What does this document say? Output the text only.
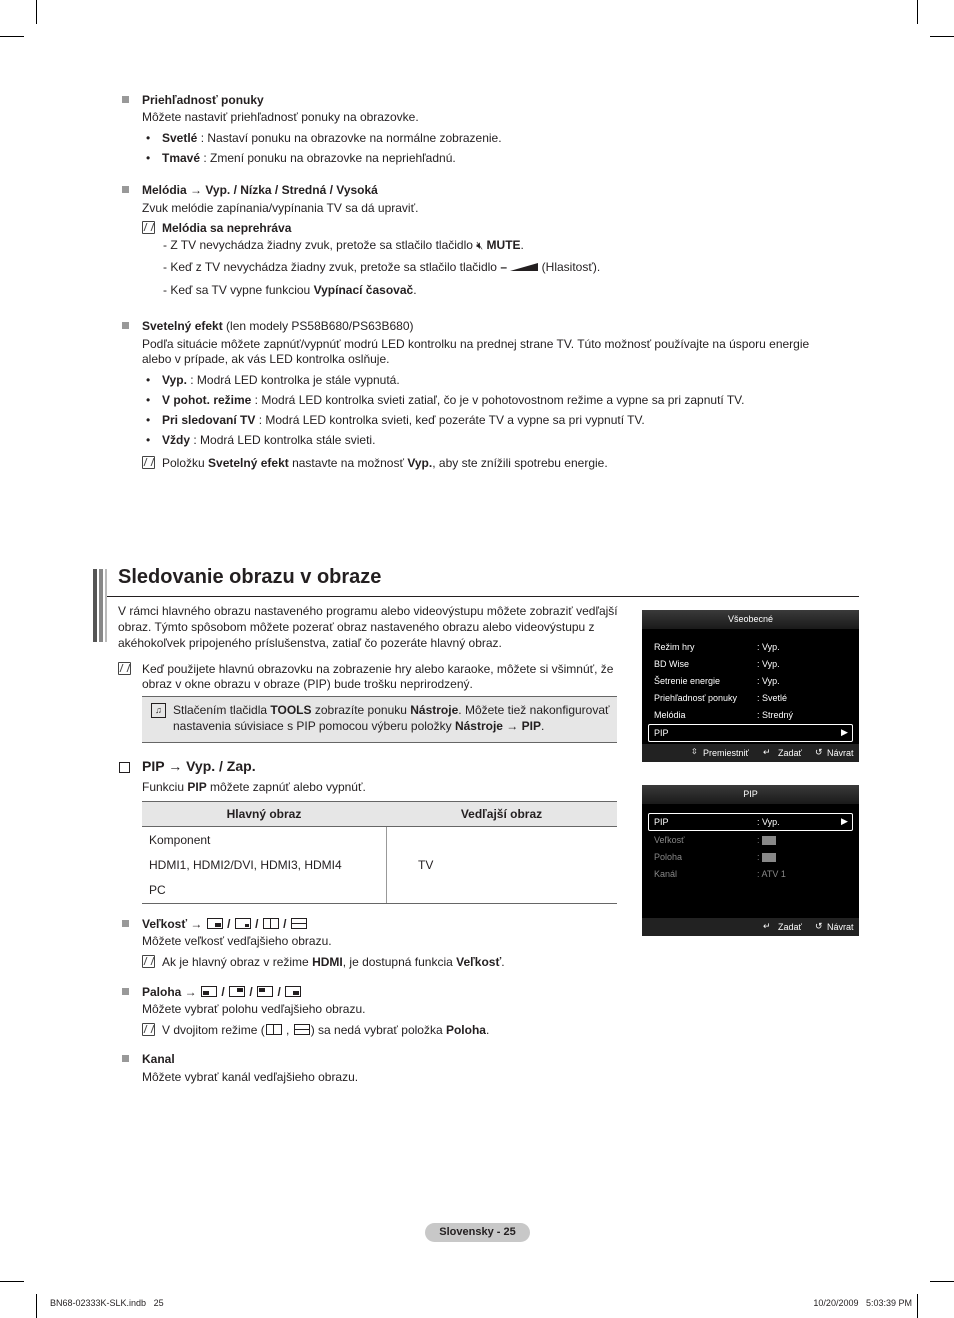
Priehľadnosť ponuky
Môžete nastaviť priehľadnosť ponuky na obrazovke.
• Svetlé : Nastaví ponuku na obrazovke na normálne zobrazenie.
• Tmavé : Zmení ponuku na obrazovke na nepriehľadnú.
Melódia → Vyp. / Nízka / Stredná / Vysoká
Zvuk melódie zapínania/vypínania TV sa dá upraviť.
Melódia sa neprehráva
- Z TV nevychádza žiadny zvuk, pretože sa stlačilo tlačidlo 🔇︎ MUTE.
- Keď z TV nevychádza žiadny zvuk, pretože sa stlačilo tlačidlo –	(Hlasitosť).
- Keď sa TV vypne funkciou Vypínací časovač.
Svetelný efekt (len modely PS58B680/PS63B680)
Podľa situácie môžete zapnúť/vypnúť modrú LED kontrolku na prednej strane TV. Túto možnosť používajte na úsporu energie
alebo v prípade, ak vás LED kontrolka oslňuje.
• Vyp. : Modrá LED kontrolka je stále vypnutá.
• V pohot. režime : Modrá LED kontrolka svieti zatiaľ, čo je v pohotovostnom režime a vypne sa pri zapnutí TV.
• Pri sledovaní TV : Modrá LED kontrolka svieti, keď pozeráte TV a vypne sa pri vypnutí TV.
• Vždy : Modrá LED kontrolka stále svieti.
Položku Svetelný efekt nastavte na možnosť Vyp., aby ste znížili spotrebu energie.
Sledovanie obrazu v obraze
V rámci hlavného obrazu nastaveného programu alebo videovýstupu môžete zobraziť vedľajší
obraz. Týmto spôsobom môžete pozerať obraz nastaveného obrazu alebo videovýstupu z
akéhokoľvek pripojeného príslušenstva, zatiaľ čo pozeráte hlavný obraz.
Keď použijete hlavnú obrazovku na zobrazenie hry alebo karaoke, môžete si všimnúť, že
obraz v okne obrazu v obraze (PIP) bude trošku neprirodzený.
♫ Stlačením tlačidla TOOLS zobrazíte ponuku Nástroje. Môžete tiež nakonfigurovať
nastavenia súvisiace s PIP pomocou výberu položky Nástroje → PIP.
PIP → Vyp. / Zap.
Funkciu PIP môžete zapnúť alebo vypnúť.
Hlavný obraz	Vedľajší obraz
Komponent
HDMI1, HDMI2/DVI, HDMI3, HDMI4
PC
TV
Veľkosť → / / /
Môžete veľkosť vedľajšieho obrazu.
Ak je hlavný obraz v režime HDMI, je dostupná funkcia Veľkosť.
Paloha → / / /
Môžete vybrať polohu vedľajšieho obrazu.
V dvojitom režime ( , ) sa nedá vybrať položka Poloha.
Kanal
Môžete vybrať kanál vedľajšieho obrazu.
Všeobecné
Režim hry	: Vyp.
BD Wise	: Vyp.
Šetrenie energie	: Vyp.
Priehľadnosť ponuky : Svetlé
Melódia	: Stredný
PIP	▶
⇳ Premiestniť ↵ Zadať ↺ Návrat
PIP
PIP	: Vyp.	▶
Veľkosť	:
Poloha	:
Kanál	: ATV 1
↵ Zadať ↺ Návrat
Slovensky - 25
BN68-02333K-SLK.indb   25	10/20/2009   5:03:39 PM
